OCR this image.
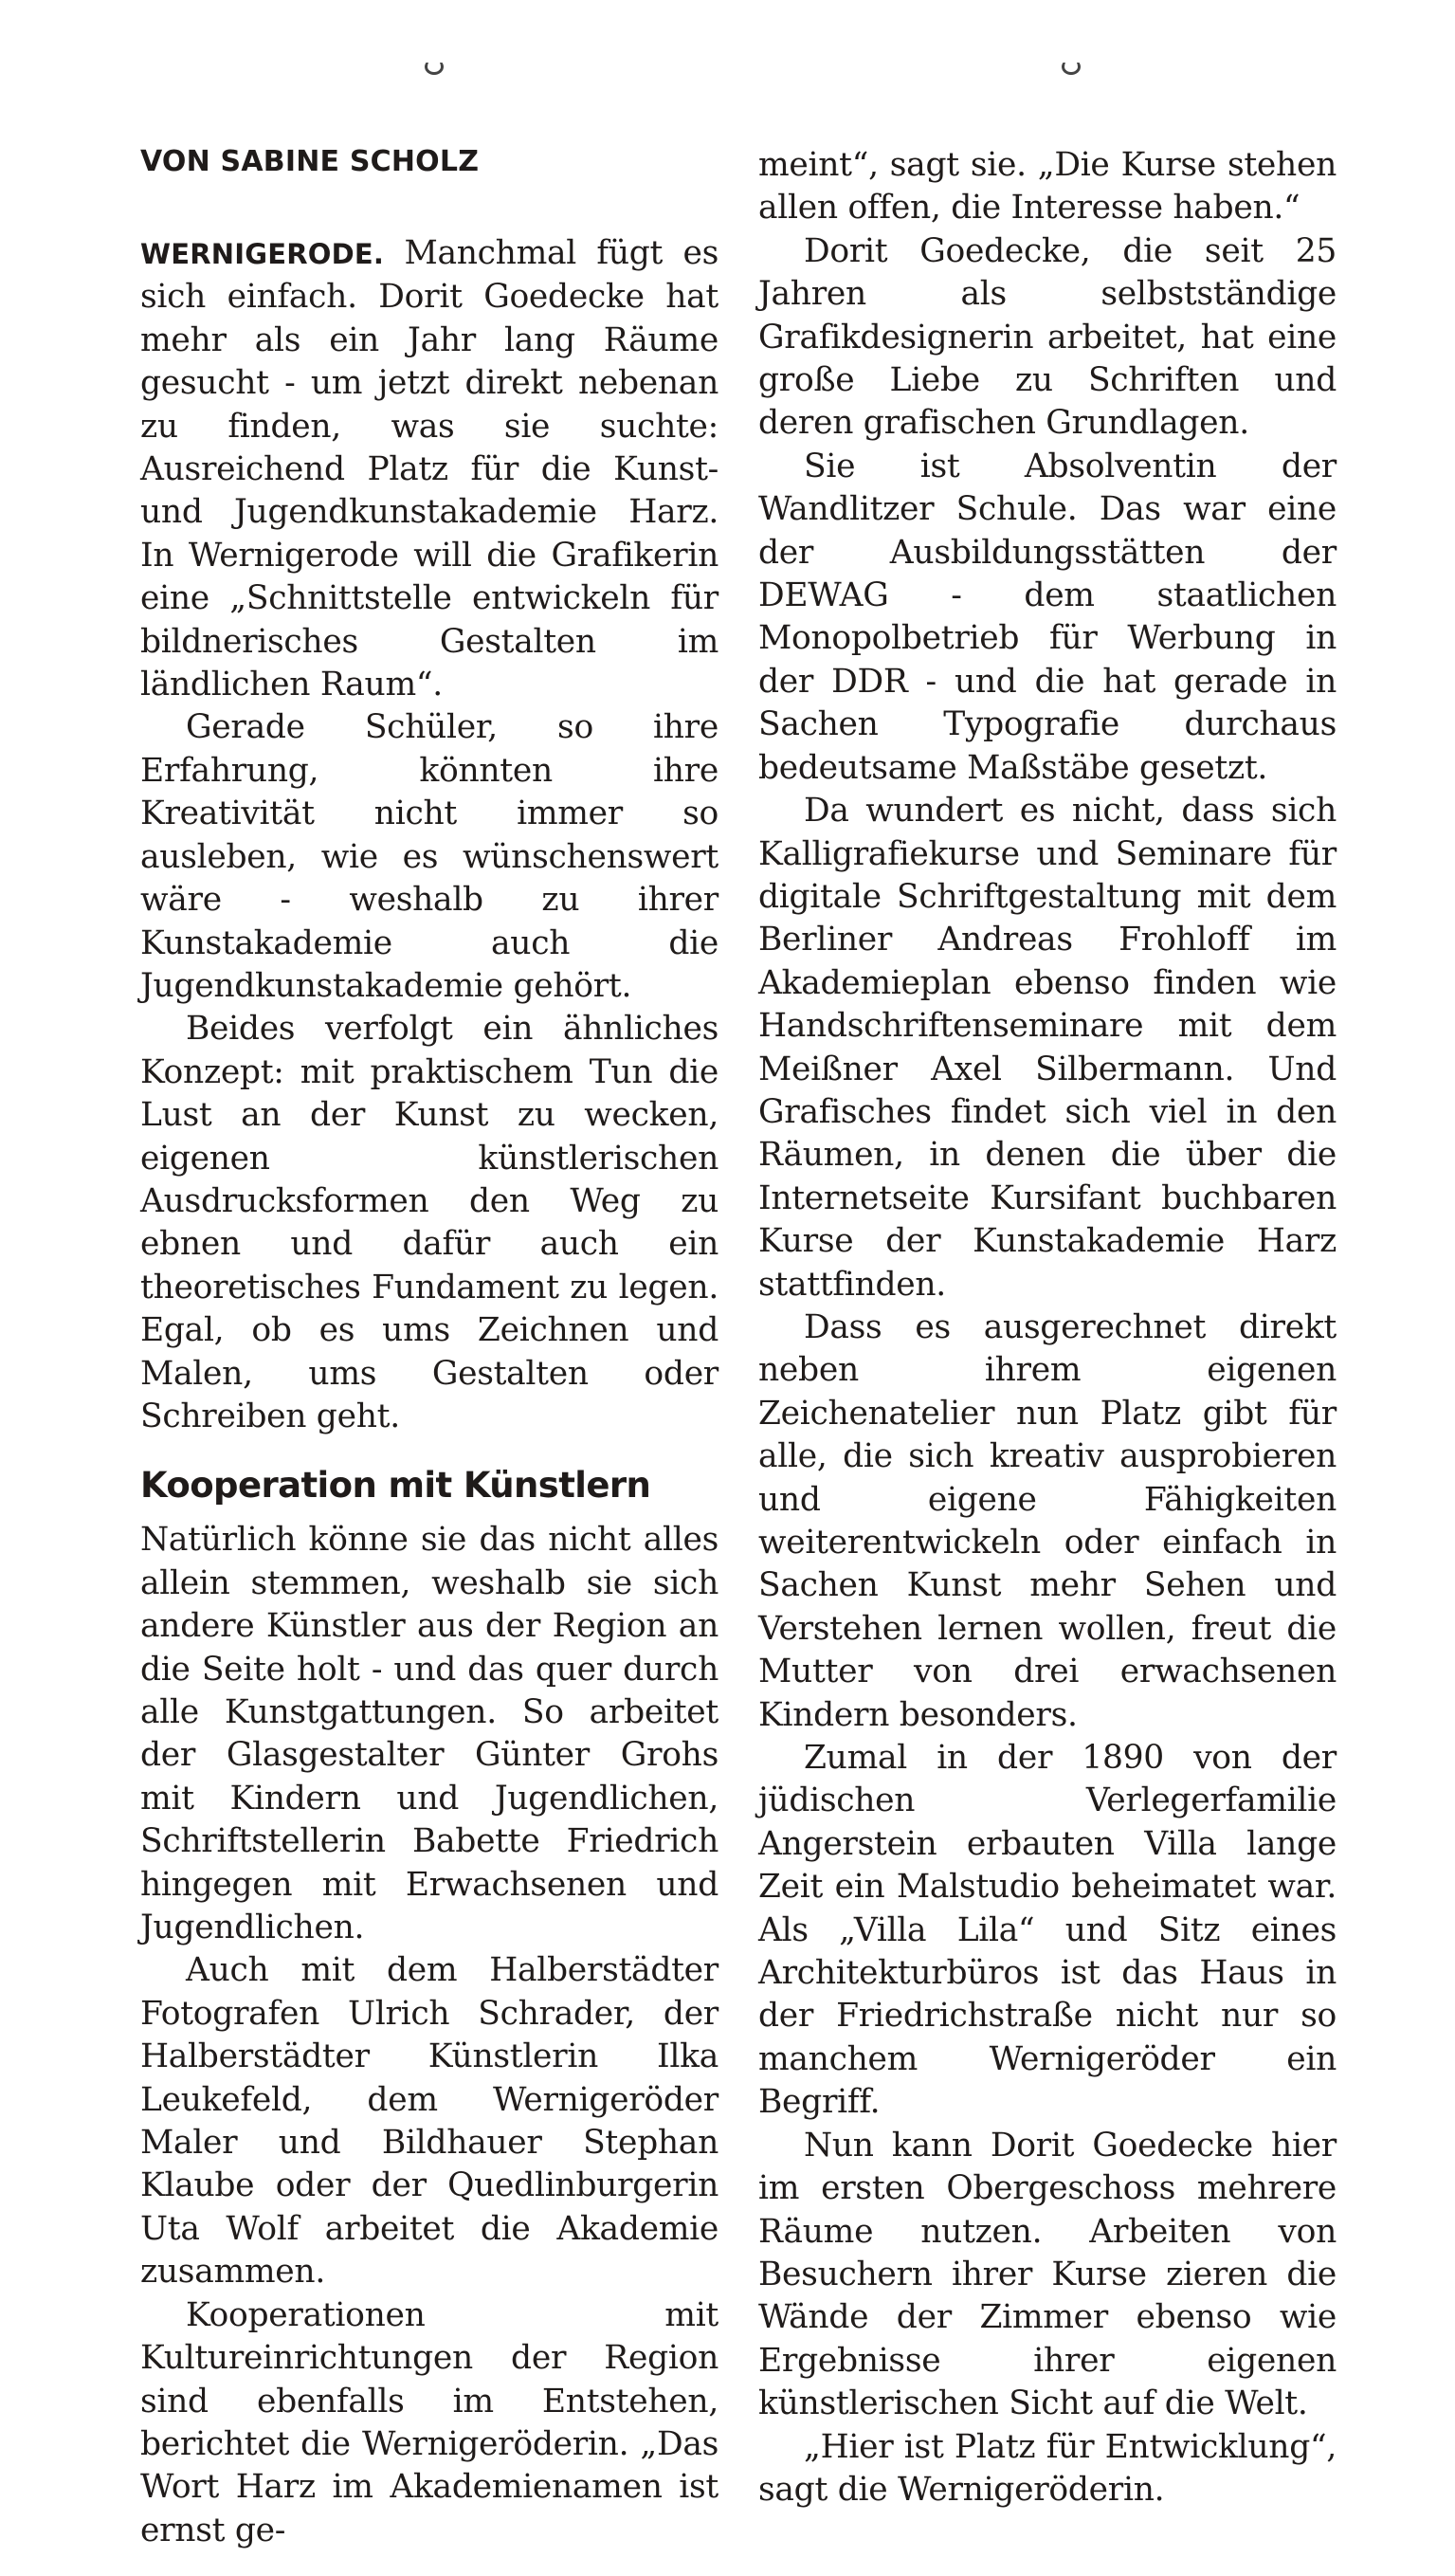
VON SABINE SCHOLZ

WERNIGERODE. Manchmal fügt es sich einfach. Dorit Goedecke hat mehr als ein Jahr lang Räume gesucht - um jetzt direkt nebenan zu finden, was sie suchte: Ausreichend Platz für die Kunst- und Jugendkunstakademie Harz. In Wernigerode will die Grafikerin eine „Schnittstelle entwickeln für bildnerisches Gestalten im ländlichen Raum“.

Gerade Schüler, so ihre Erfahrung, könnten ihre Kreativität nicht immer so ausleben, wie es wünschenswert wäre - weshalb zu ihrer Kunstakademie auch die Jugendkunstakademie gehört.

Beides verfolgt ein ähnliches Konzept: mit praktischem Tun die Lust an der Kunst zu wecken, eigenen künstlerischen Ausdrucksformen den Weg zu ebnen und dafür auch ein theoretisches Fundament zu legen. Egal, ob es ums Zeichnen und Malen, ums Gestalten oder Schreiben geht.

Kooperation mit Künstlern

Natürlich könne sie das nicht alles allein stemmen, weshalb sie sich andere Künstler aus der Region an die Seite holt - und das quer durch alle Kunstgattungen. So arbeitet der Glasgestalter Günter Grohs mit Kindern und Jugendlichen, Schriftstellerin Babette Friedrich hingegen mit Erwachsenen und Jugendlichen.

Auch mit dem Halberstädter Fotografen Ulrich Schrader, der Halberstädter Künstlerin Ilka Leukefeld, dem Wernigeröder Maler und Bildhauer Stephan Klaube oder der Quedlinburgerin Uta Wolf arbeitet die Akademie zusammen.

Kooperationen mit Kultureinrichtungen der Region sind ebenfalls im Entstehen, berichtet die Wernigeröderin. „Das Wort Harz im Akademienamen ist ernst ge-

meint“, sagt sie. „Die Kurse stehen allen offen, die Interesse haben.“

Dorit Goedecke, die seit 25 Jahren als selbstständige Grafikdesignerin arbeitet, hat eine große Liebe zu Schriften und deren grafischen Grundlagen.

Sie ist Absolventin der Wandlitzer Schule. Das war eine der Ausbildungsstätten der DEWAG - dem staatlichen Monopolbetrieb für Werbung in der DDR - und die hat gerade in Sachen Typografie durchaus bedeutsame Maßstäbe gesetzt.

Da wundert es nicht, dass sich Kalligrafiekurse und Seminare für digitale Schriftgestaltung mit dem Berliner Andreas Frohloff im Akademieplan ebenso finden wie Handschriftenseminare mit dem Meißner Axel Silbermann. Und Grafisches findet sich viel in den Räumen, in denen die über die Internetseite Kursifant buchbaren Kurse der Kunstakademie Harz stattfinden.

Dass es ausgerechnet direkt neben ihrem eigenen Zeichenatelier nun Platz gibt für alle, die sich kreativ ausprobieren und eigene Fähigkeiten weiterentwickeln oder einfach in Sachen Kunst mehr Sehen und Verstehen lernen wollen, freut die Mutter von drei erwachsenen Kindern besonders.

Zumal in der 1890 von der jüdischen Verlegerfamilie Angerstein erbauten Villa lange Zeit ein Malstudio beheimatet war. Als „Villa Lila“ und Sitz eines Architekturbüros ist das Haus in der Friedrichstraße nicht nur so manchem Wernigeröder ein Begriff.

Nun kann Dorit Goedecke hier im ersten Obergeschoss mehrere Räume nutzen. Arbeiten von Besuchern ihrer Kurse zieren die Wände der Zimmer ebenso wie Ergebnisse ihrer eigenen künstlerischen Sicht auf die Welt.

„Hier ist Platz für Entwicklung“, sagt die Wernigeröderin.
